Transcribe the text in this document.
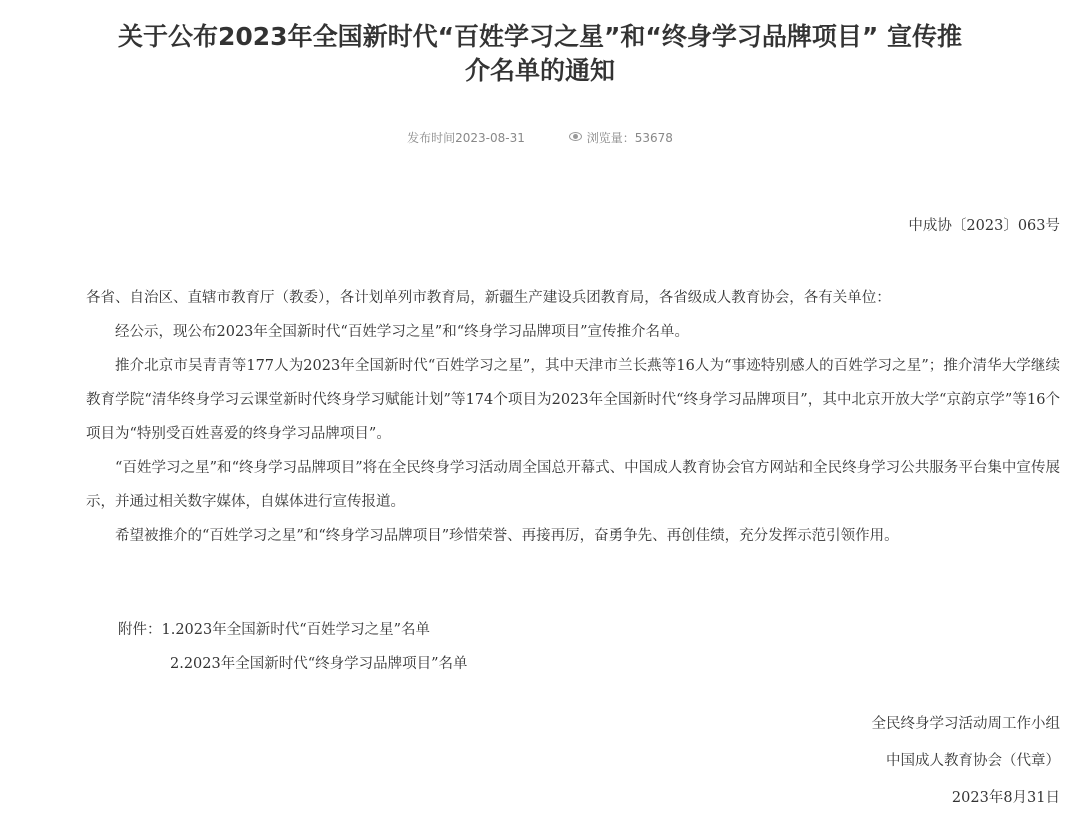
关于公布2023年全国新时代“百姓学习之星”和“终身学习品牌项目” 宣传推介名单的通知
发布时间2023-08-31	浏览量：53678
中成协〔2023〕063号

各省、自治区、直辖市教育厅（教委），各计划单列市教育局，新疆生产建设兵团教育局，各省级成人教育协会，各有关单位：

经公示，现公布2023年全国新时代“百姓学习之星”和“终身学习品牌项目”宣传推介名单。

推介北京市吴青青等177人为2023年全国新时代“百姓学习之星”，其中天津市兰长燕等16人为“事迹特别感人的百姓学习之星”；推介清华大学继续教育学院“清华终身学习云课堂新时代终身学习赋能计划”等174个项目为2023年全国新时代“终身学习品牌项目”，其中北京开放大学“京韵京学”等16个项目为“特别受百姓喜爱的终身学习品牌项目”。

“百姓学习之星”和“终身学习品牌项目”将在全民终身学习活动周全国总开幕式、中国成人教育协会官方网站和全民终身学习公共服务平台集中宣传展示，并通过相关数字媒体，自媒体进行宣传报道。

希望被推介的“百姓学习之星”和“终身学习品牌项目”珍惜荣誉、再接再厉，奋勇争先、再创佳绩，充分发挥示范引领作用。

附件：1.2023年全国新时代“百姓学习之星”名单
2.2023年全国新时代“终身学习品牌项目”名单
全民终身学习活动周工作小组
中国成人教育协会（代章）
2023年8月31日
